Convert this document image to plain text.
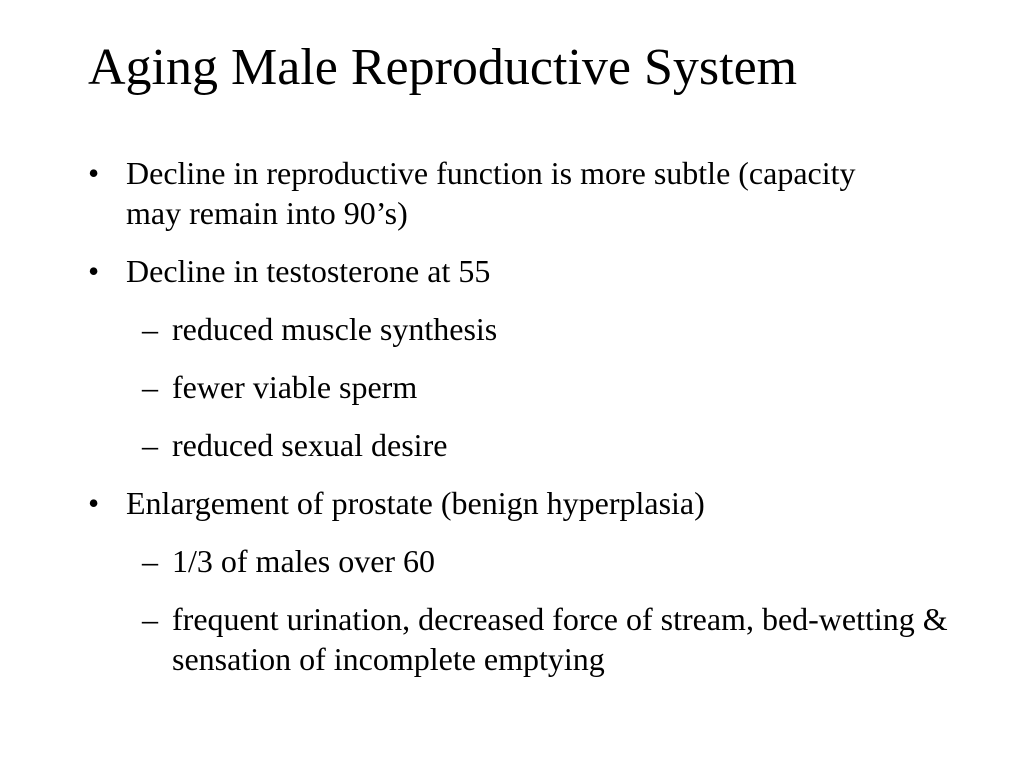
Aging Male Reproductive System
• Decline in reproductive function is more subtle (capacity may remain into 90’s)
• Decline in testosterone at 55
– reduced muscle synthesis
– fewer viable sperm
– reduced sexual desire
• Enlargement of prostate (benign hyperplasia)
– 1/3 of males over 60
– frequent urination, decreased force of stream, bed-wetting & sensation of incomplete emptying
